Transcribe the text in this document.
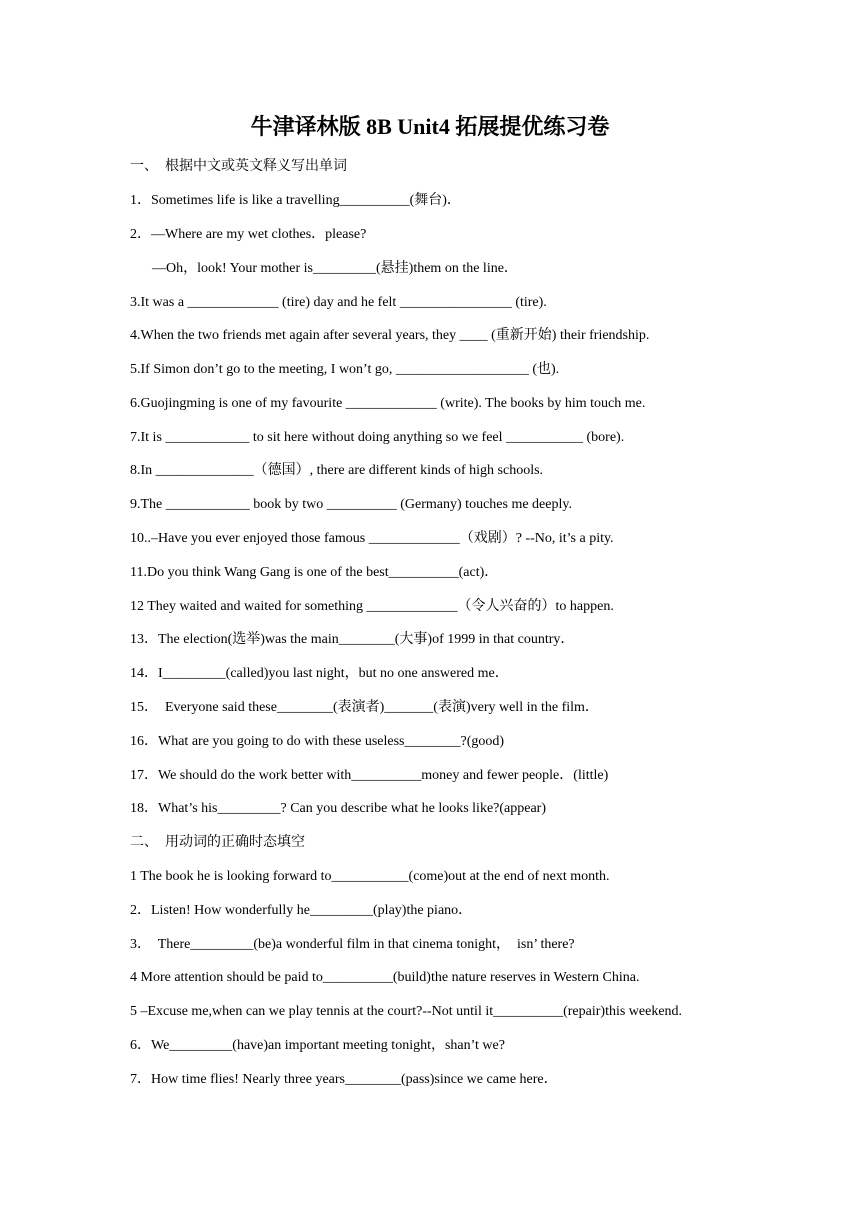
牛津译林版 8B Unit4 拓展提优练习卷
一、  根据中文或英文释义写出单词
1．Sometimes life is like a travelling__________(舞台)．
2．—Where are my wet clothes．please?
—Oh，look! Your mother is_________(悬挂)them on the line．
3.It was a _____________ (tire) day and he felt ________________ (tire).
4.When the two friends met again after several years, they ____ (重新开始) their friendship.
5.If Simon don’t go to the meeting, I won’t go, ___________________ (也).
6.Guojingming is one of my favourite _____________ (write). The books by him touch me.
7.It is ____________ to sit here without doing anything so we feel ___________ (bore).
8.In ______________（德国）, there are different kinds of high schools.
9.The ____________ book by two __________ (Germany) touches me deeply.
10..–Have you ever enjoyed those famous _____________（戏剧）? --No, it’s a pity.
11.Do you think Wang Gang is one of the best__________(act)．
12 They waited and waited for something _____________（令人兴奋的）to happen.
13．The election(选举)was the main________(大事)of 1999 in that country．
14．I_________(called)you last night，but no one answered me．
15．  Everyone said these________(表演者)_______(表演)very well in the film．
16．What are you going to do with these useless________?(good)
17．We should do the work better with__________money and fewer people．(little)
18．What’s his_________? Can you describe what he looks like?(appear)
二、  用动词的正确时态填空
1 The book he is looking forward to___________(come)out at the end of next month.
2．Listen! How wonderfully he_________(play)the piano．
3．  There_________(be)a wonderful film in that cinema tonight，  isn’ there?
4 More attention should be paid to__________(build)the nature reserves in Western China.
5 –Excuse me,when can we play tennis at the court?--Not until it__________(repair)this weekend.
6．We_________(have)an important meeting tonight，shan’t we?
7．How time flies! Nearly three years________(pass)since we came here．
